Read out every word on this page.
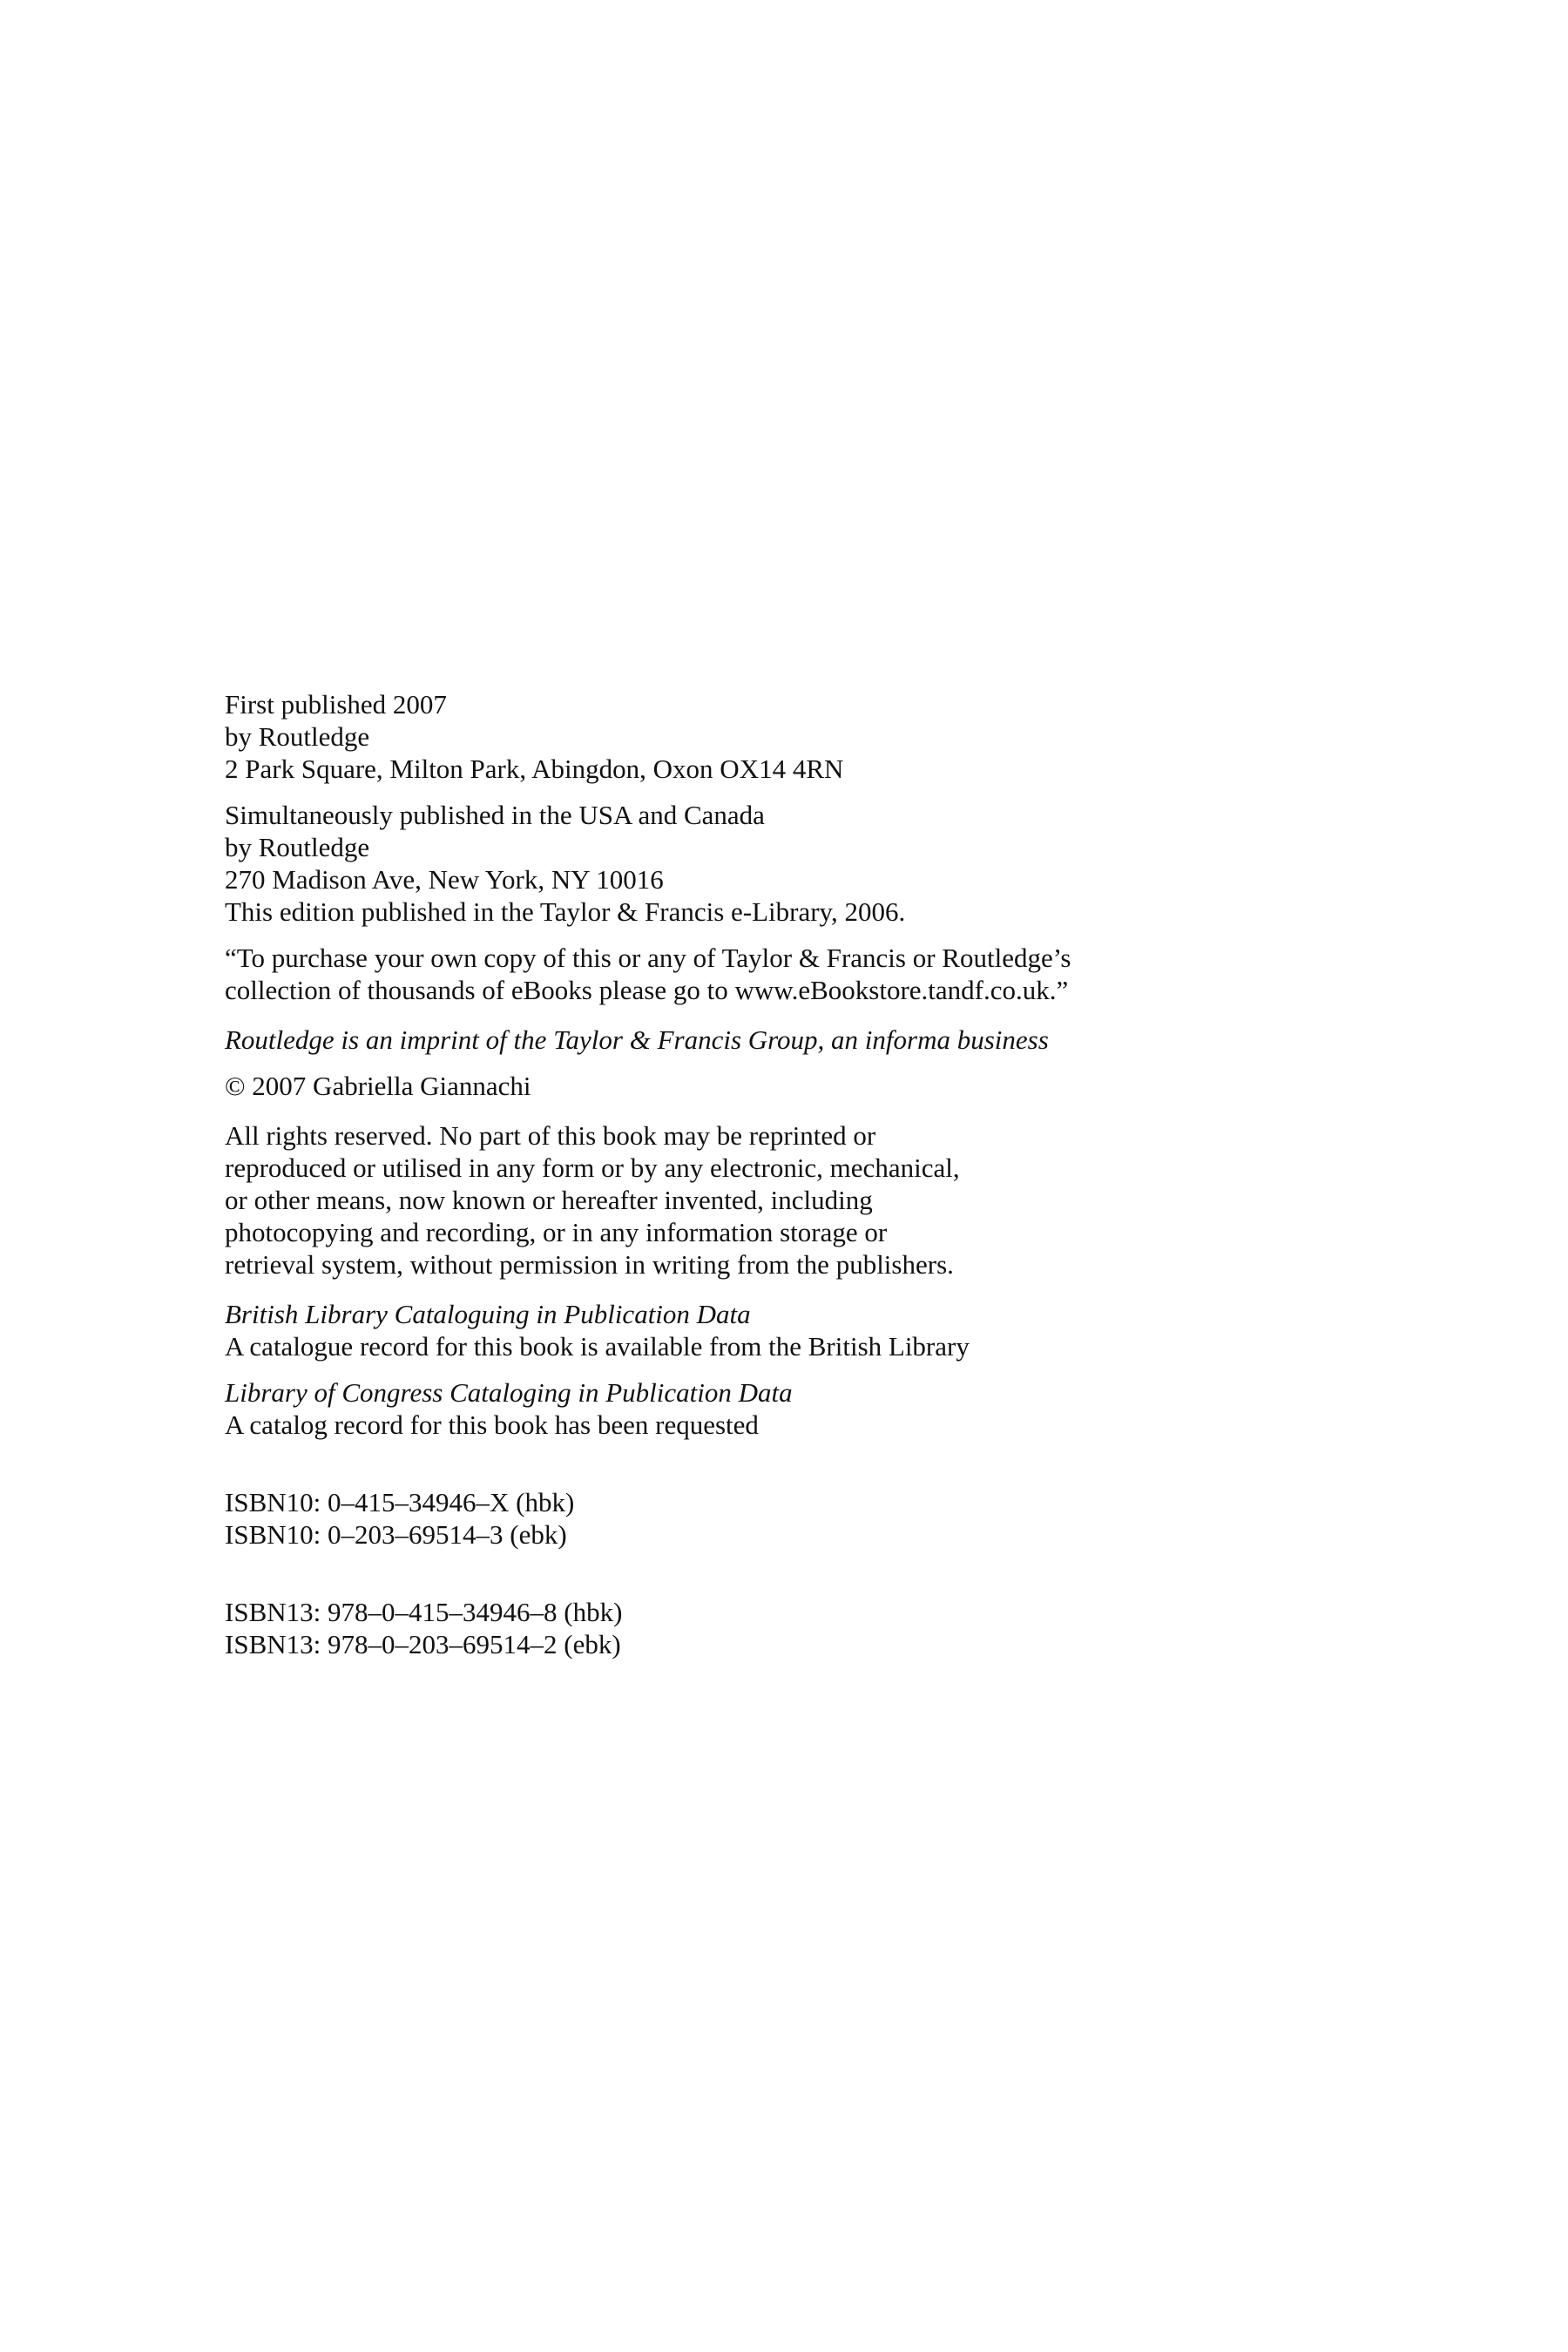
First published 2007
by Routledge
2 Park Square, Milton Park, Abingdon, Oxon OX14 4RN
Simultaneously published in the USA and Canada
by Routledge
270 Madison Ave, New York, NY 10016
This edition published in the Taylor & Francis e-Library, 2006.
“To purchase your own copy of this or any of Taylor & Francis or Routledge’s
collection of thousands of eBooks please go to www.eBookstore.tandf.co.uk.”
Routledge is an imprint of the Taylor & Francis Group, an informa business
© 2007 Gabriella Giannachi
All rights reserved. No part of this book may be reprinted or
reproduced or utilised in any form or by any electronic, mechanical,
or other means, now known or hereafter invented, including
photocopying and recording, or in any information storage or
retrieval system, without permission in writing from the publishers.
British Library Cataloguing in Publication Data
A catalogue record for this book is available from the British Library
Library of Congress Cataloging in Publication Data
A catalog record for this book has been requested
ISBN10: 0–415–34946–X (hbk)
ISBN10: 0–203–69514–3 (ebk)
ISBN13: 978–0–415–34946–8 (hbk)
ISBN13: 978–0–203–69514–2 (ebk)
